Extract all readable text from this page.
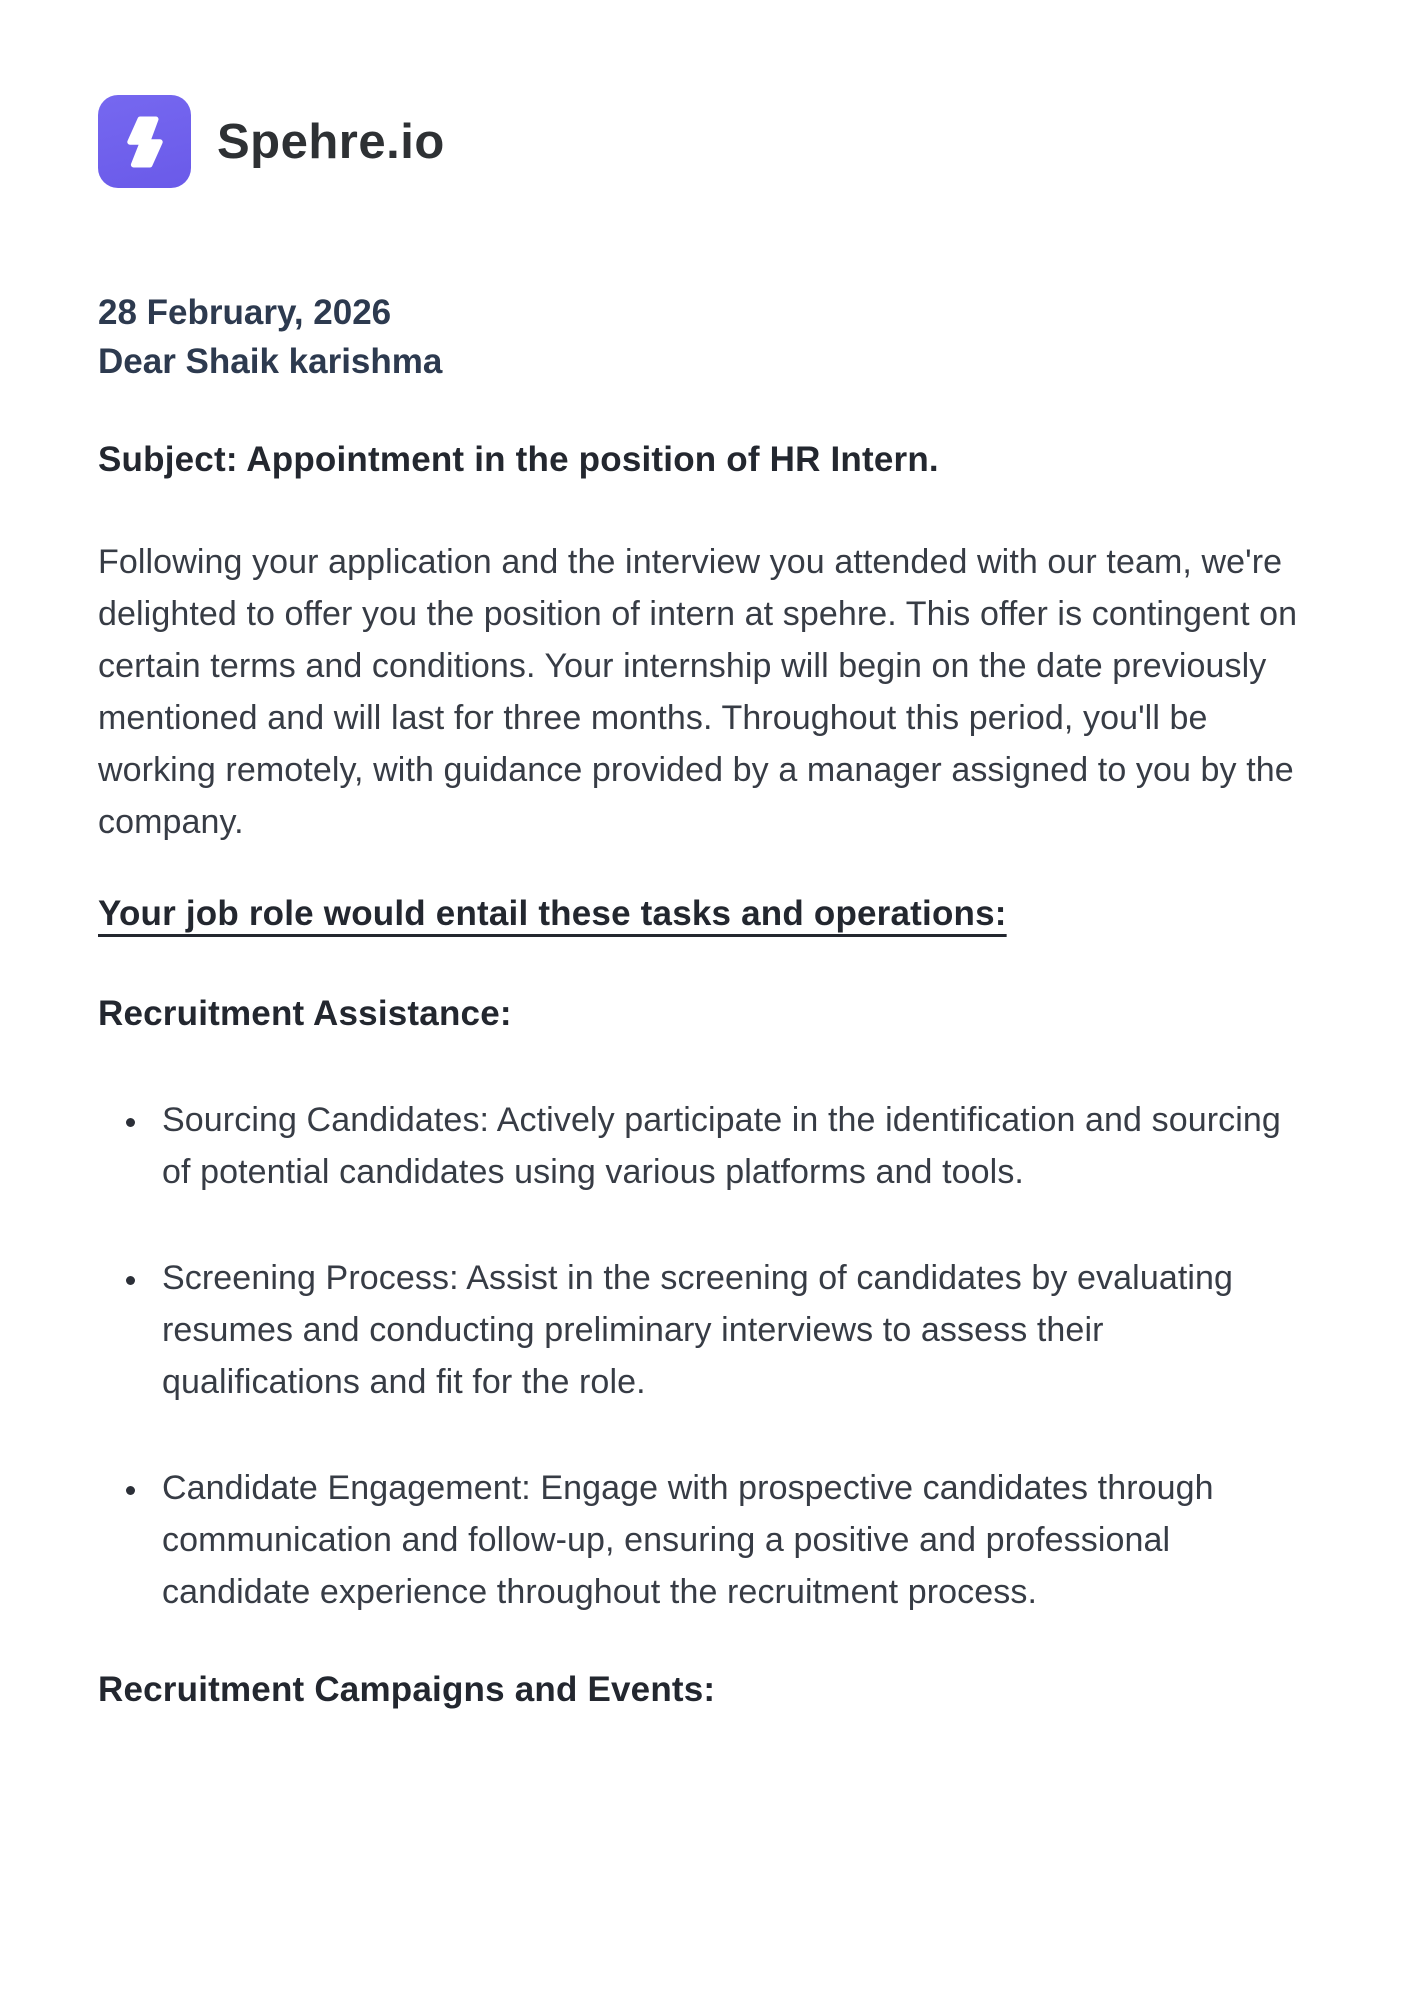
Spehre.io
28 February, 2026
Dear Shaik karishma
Subject: Appointment in the position of HR Intern.

Following your application and the interview you attended with our team, we're delighted to offer you the position of intern at spehre. This offer is contingent on certain terms and conditions. Your internship will begin on the date previously mentioned and will last for three months. Throughout this period, you'll be working remotely, with guidance provided by a manager assigned to you by the company.

Your job role would entail these tasks and operations:
Recruitment Assistance:
• Sourcing Candidates: Actively participate in the identification and sourcing of potential candidates using various platforms and tools.
• Screening Process: Assist in the screening of candidates by evaluating resumes and conducting preliminary interviews to assess their qualifications and fit for the role.
• Candidate Engagement: Engage with prospective candidates through communication and follow-up, ensuring a positive and professional candidate experience throughout the recruitment process.
Recruitment Campaigns and Events:
